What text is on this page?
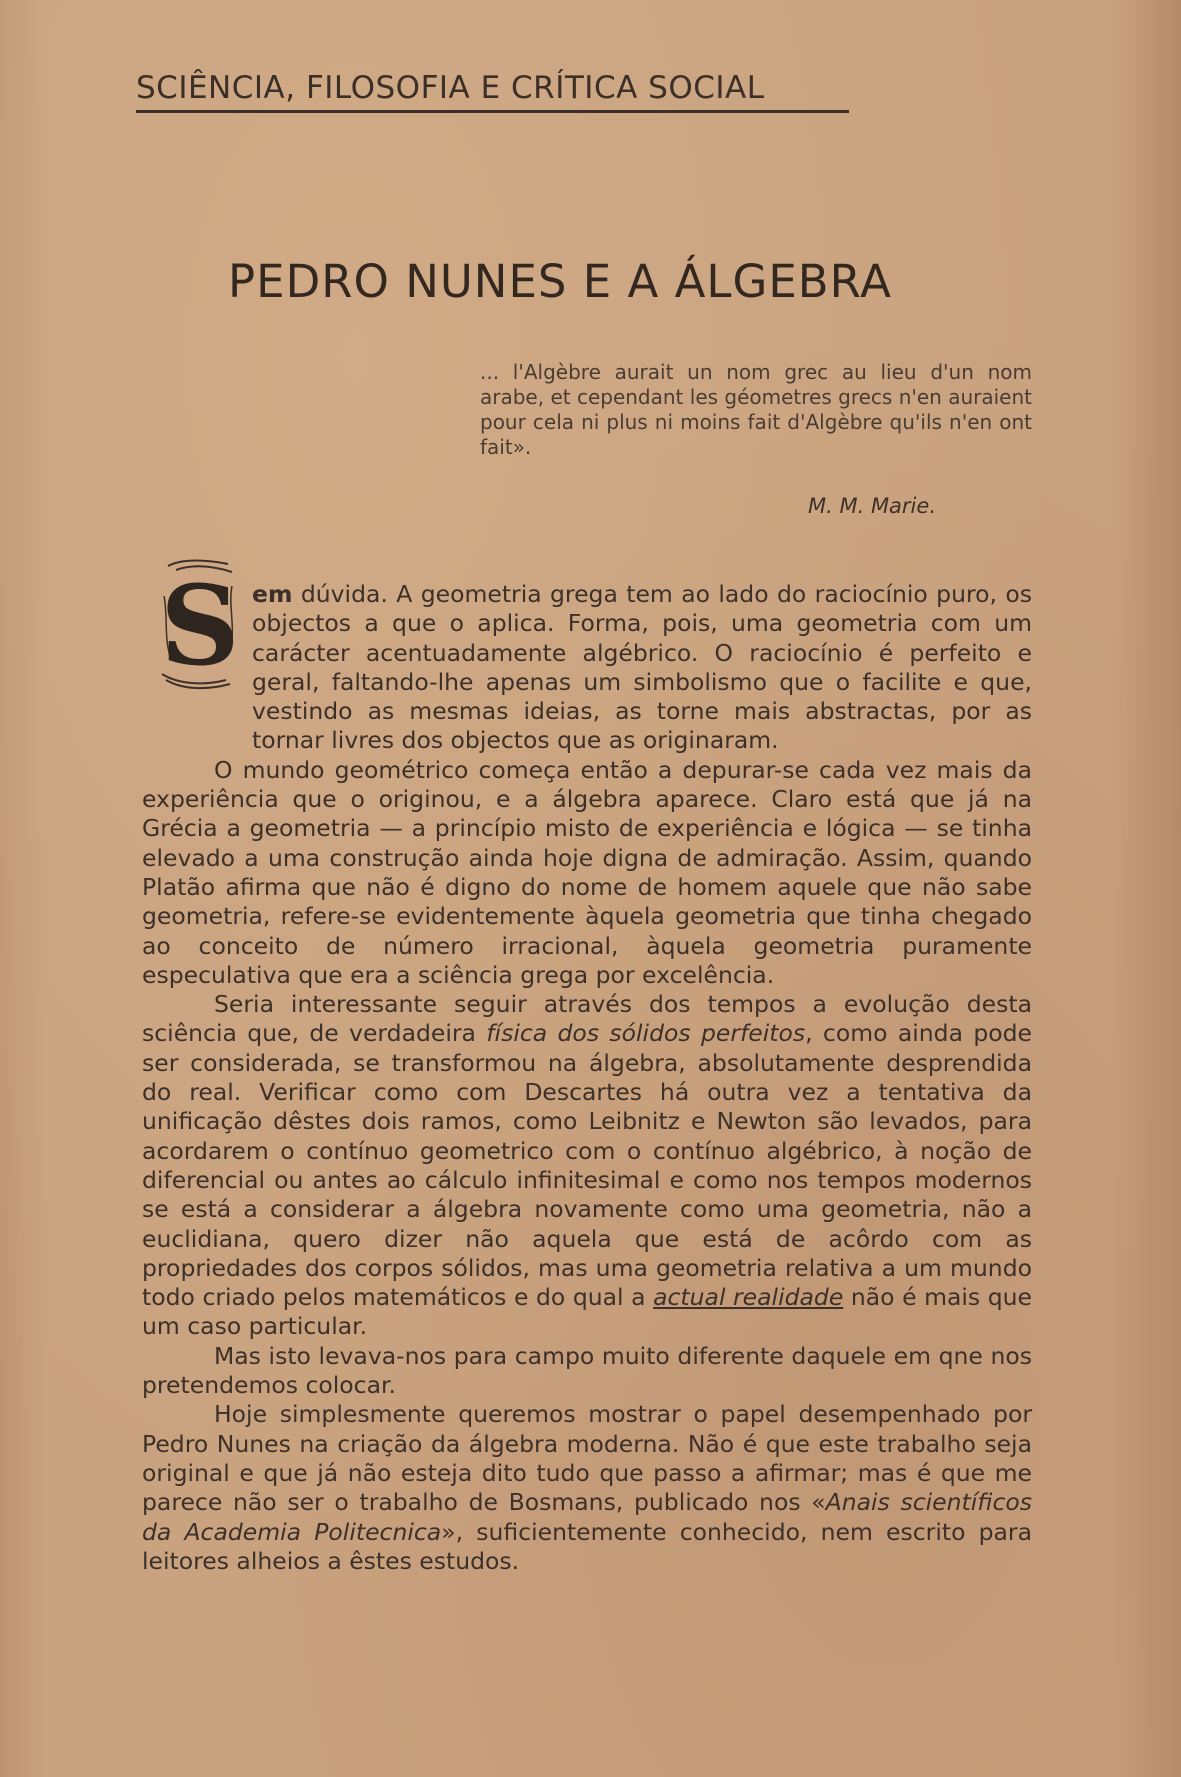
SCIÊNCIA, FILOSOFIA E CRÍTICA SOCIAL
PEDRO NUNES E A ÁLGEBRA
... l'Algèbre aurait un nom grec au lieu d'un nom arabe, et cependant les géometres grecs n'en auraient pour cela ni plus ni moins fait d'Algèbre qu'ils n'en ont fait».
M. M. Marie.
S em dúvida. A geometria grega tem ao lado do raciocínio puro, os objectos a que o aplica. Forma, pois, uma geometria com um carácter acentuadamente algébrico. O raciocínio é perfeito e geral, faltando-lhe apenas um simbolismo que o facilite e que, vestindo as mesmas ideias, as torne mais abstractas, por as tornar livres dos objectos que as originaram.

O mundo geométrico começa então a depurar-se cada vez mais da experiência que o originou, e a álgebra aparece. Claro está que já na Grécia a geometria — a princípio misto de experiência e lógica — se tinha elevado a uma construção ainda hoje digna de admiração. Assim, quando Platão afirma que não é digno do nome de homem aquele que não sabe geometria, refere-se evidentemente àquela geometria que tinha chegado ao conceito de número irracional, àquela geometria puramente especulativa que era a sciência grega por excelência.

Seria interessante seguir através dos tempos a evolução desta sciência que, de verdadeira física dos sólidos perfeitos, como ainda pode ser considerada, se transformou na álgebra, absolutamente desprendida do real. Verificar como com Descartes há outra vez a tentativa da unificação dêstes dois ramos, como Leibnitz e Newton são levados, para acordarem o contínuo geometrico com o contínuo algébrico, à noção de diferencial ou antes ao cálculo infinitesimal e como nos tempos modernos se está a considerar a álgebra novamente como uma geometria, não a euclidiana, quero dizer não aquela que está de acôrdo com as propriedades dos corpos sólidos, mas uma geometria relativa a um mundo todo criado pelos matemáticos e do qual a actual realidade não é mais que um caso particular.

Mas isto levava-nos para campo muito diferente daquele em qne nos pretendemos colocar.

Hoje simplesmente queremos mostrar o papel desempenhado por Pedro Nunes na criação da álgebra moderna. Não é que este trabalho seja original e que já não esteja dito tudo que passo a afirmar; mas é que me parece não ser o trabalho de Bosmans, publicado nos «Anais scientíficos da Academia Politecnica», suficientemente conhecido, nem escrito para leitores alheios a êstes estudos.
